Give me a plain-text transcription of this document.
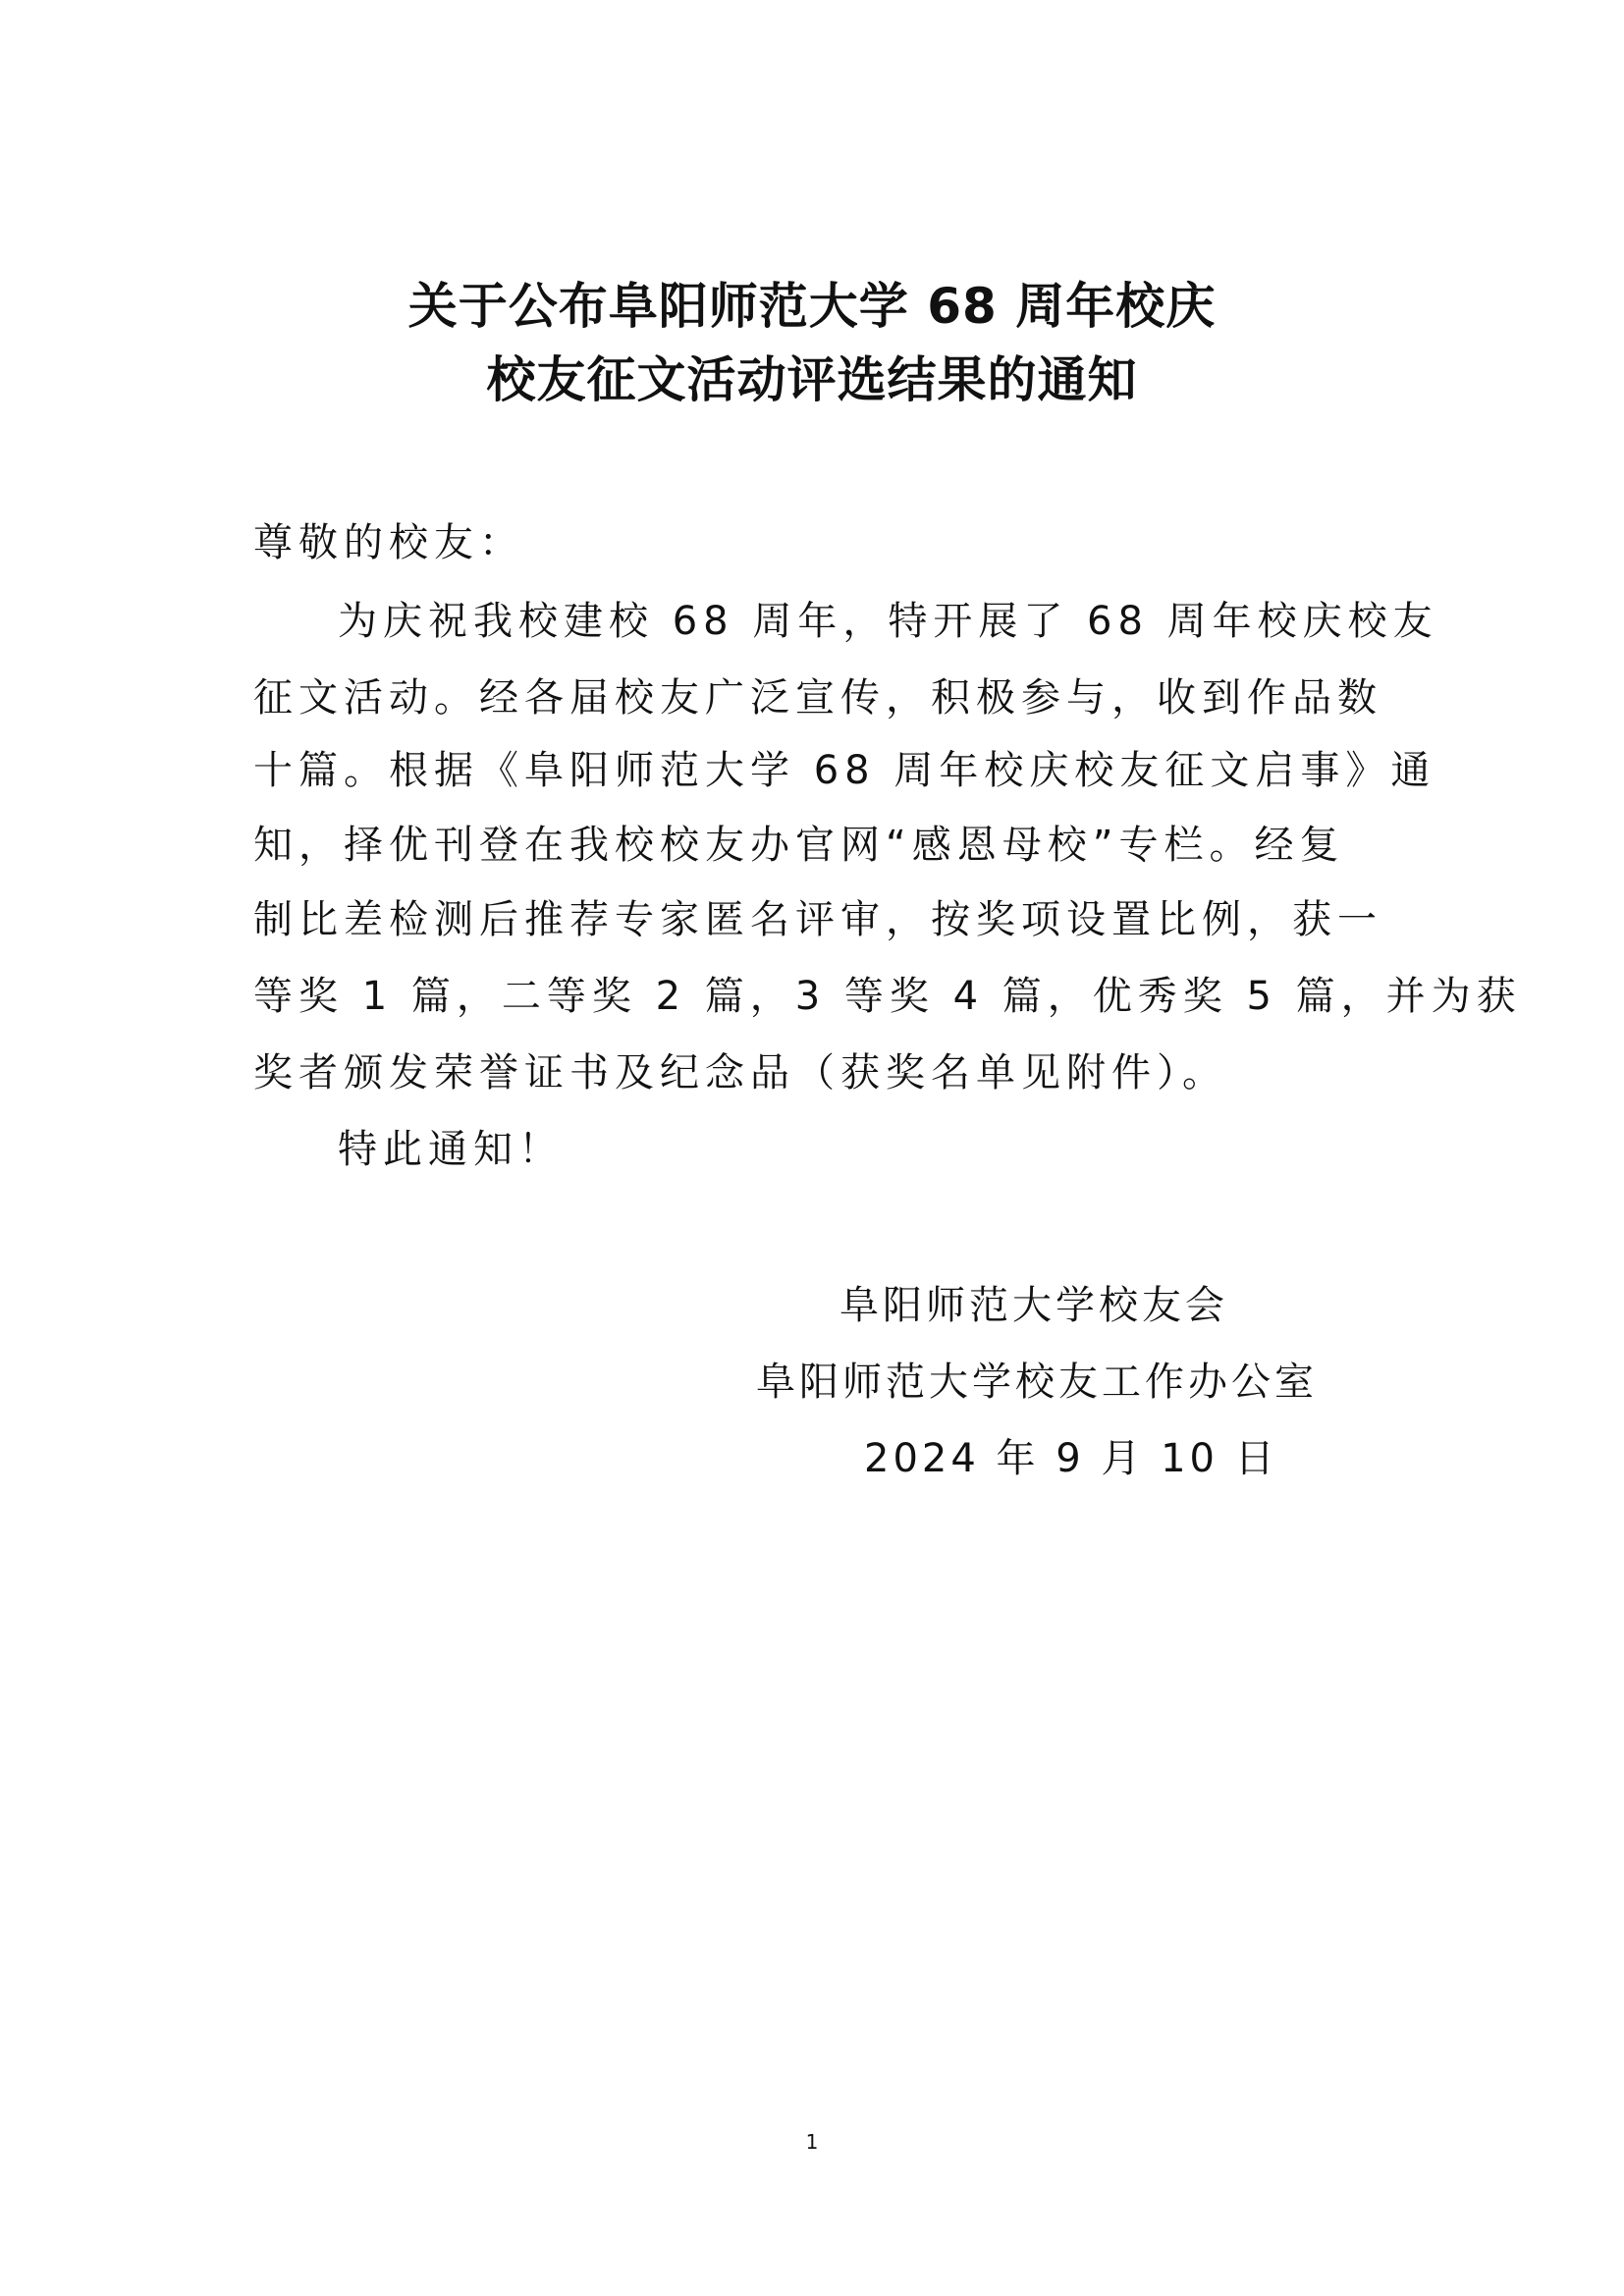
关于公布阜阳师范大学 68 周年校庆
校友征文活动评选结果的通知
尊敬的校友：
为庆祝我校建校 68 周年，特开展了 68 周年校庆校友
征文活动。经各届校友广泛宣传，积极参与，收到作品数
十篇。根据《阜阳师范大学 68 周年校庆校友征文启事》通
知，择优刊登在我校校友办官网“感恩母校”专栏。经复
制比差检测后推荐专家匿名评审，按奖项设置比例，获一
等奖 1 篇，二等奖 2 篇，3 等奖 4 篇，优秀奖 5 篇，并为获
奖者颁发荣誉证书及纪念品（获奖名单见附件）。
特此通知！
阜阳师范大学校友会
阜阳师范大学校友工作办公室
2024 年 9 月 10 日
1
